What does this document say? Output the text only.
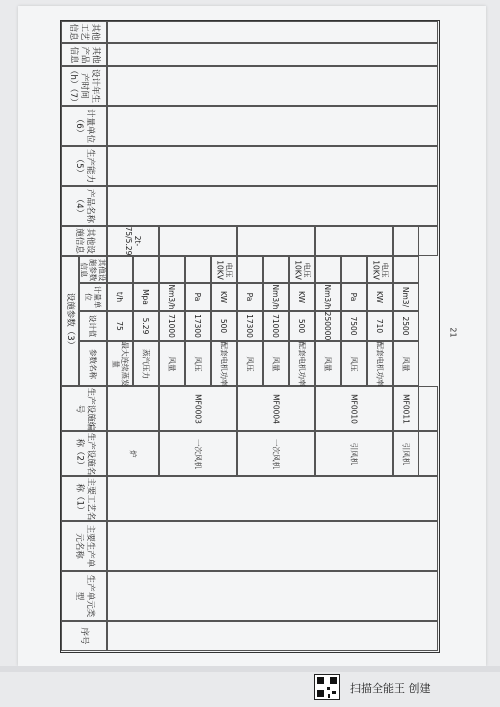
序号
生产单元类型
主要生产单元名称
主要工艺名称（1）
生产设施名称（2）
生产设施编号
其他设施信息
产品名称（4）
生产能力（5）
计量单位（6）
设计年生产时间（h）（7）
其他工艺信息
其他产品信息
设施参数（3）
参数名称
设计值
计量单位
其他设施参数信息
炉
2t-75/5.29
最大连续蒸发量
75
t/h
蒸汽压力
5.29
Mpa
一次风机
MF0003
风量
71000
Nm3/h
风压
17300
Pa
配套电机功率
500
KW
电压10KV
一次风机
MF0004
风压
17300
Pa
风量
71000
Nm3/h
配套电机功率
500
KW
电压10KV
引风机
MF0010
风量
250000
Nm3/h
风压
7500
Pa
配套电机功率
710
KW
电压10KV
引风机
MF0011
风量
2500
Nm3/
21
扫描全能王 创建
